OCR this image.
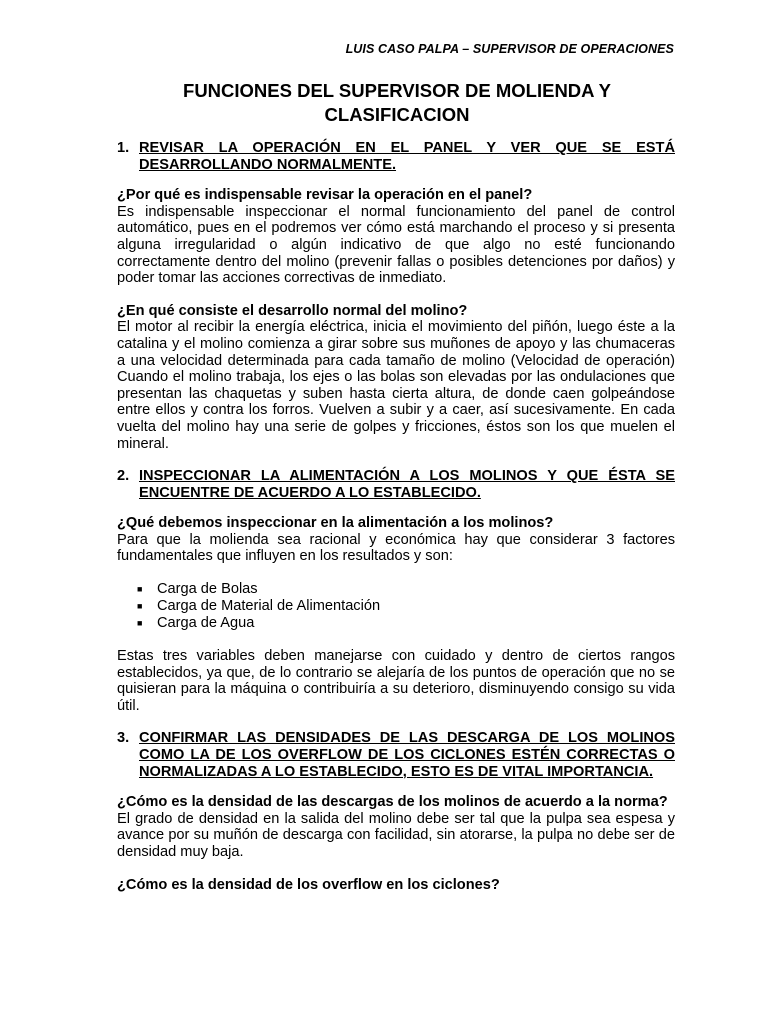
LUIS CASO PALPA – SUPERVISOR DE OPERACIONES
FUNCIONES DEL SUPERVISOR DE MOLIENDA Y
CLASIFICACION
1. REVISAR LA OPERACIÓN EN EL PANEL Y VER QUE SE ESTÁ DESARROLLANDO NORMALMENTE.

¿Por qué es indispensable revisar la operación en el panel?

Es indispensable inspeccionar el normal funcionamiento del panel de control automático, pues en el podremos ver cómo está marchando el proceso y si presenta alguna irregularidad o algún indicativo de que algo no esté funcionando correctamente dentro del molino (prevenir fallas o posibles detenciones por daños) y poder tomar las acciones correctivas de inmediato.

¿En qué consiste el desarrollo normal del molino?

El motor al recibir la energía eléctrica, inicia el movimiento del piñón, luego éste a la catalina y el molino comienza a girar sobre sus muñones de apoyo y las chumaceras a una velocidad determinada para cada tamaño de molino (Velocidad de operación) Cuando el molino trabaja, los ejes o las bolas son elevadas por las ondulaciones que presentan las chaquetas y suben hasta cierta altura, de donde caen golpeándose entre ellos y contra los forros. Vuelven a subir y a caer, así sucesivamente. En cada vuelta del molino hay una serie de golpes y fricciones, éstos son los que muelen el mineral.

2. INSPECCIONAR LA ALIMENTACIÓN A LOS MOLINOS Y QUE ÉSTA SE ENCUENTRE DE ACUERDO A LO ESTABLECIDO.

¿Qué debemos inspeccionar en la alimentación a los molinos?

Para que la molienda sea racional y económica hay que considerar 3 factores fundamentales que influyen en los resultados y son:

■ Carga de Bolas
■ Carga de Material de Alimentación
■ Carga de Agua

Estas tres variables deben manejarse con cuidado y dentro de ciertos rangos establecidos, ya que, de lo contrario se alejaría de los puntos de operación que no se quisieran para la máquina o contribuiría a su deterioro, disminuyendo consigo su vida útil.

3. CONFIRMAR LAS DENSIDADES DE LAS DESCARGA DE LOS MOLINOS COMO LA DE LOS OVERFLOW DE LOS CICLONES ESTÉN CORRECTAS O NORMALIZADAS A LO ESTABLECIDO, ESTO ES DE VITAL IMPORTANCIA.

¿Cómo es la densidad de las descargas de los molinos de acuerdo a la norma?

El grado de densidad en la salida del molino debe ser tal que la pulpa sea espesa y avance por su muñón de descarga con facilidad, sin atorarse, la pulpa no debe ser de densidad muy baja.

¿Cómo es la densidad de los overflow en los ciclones?
